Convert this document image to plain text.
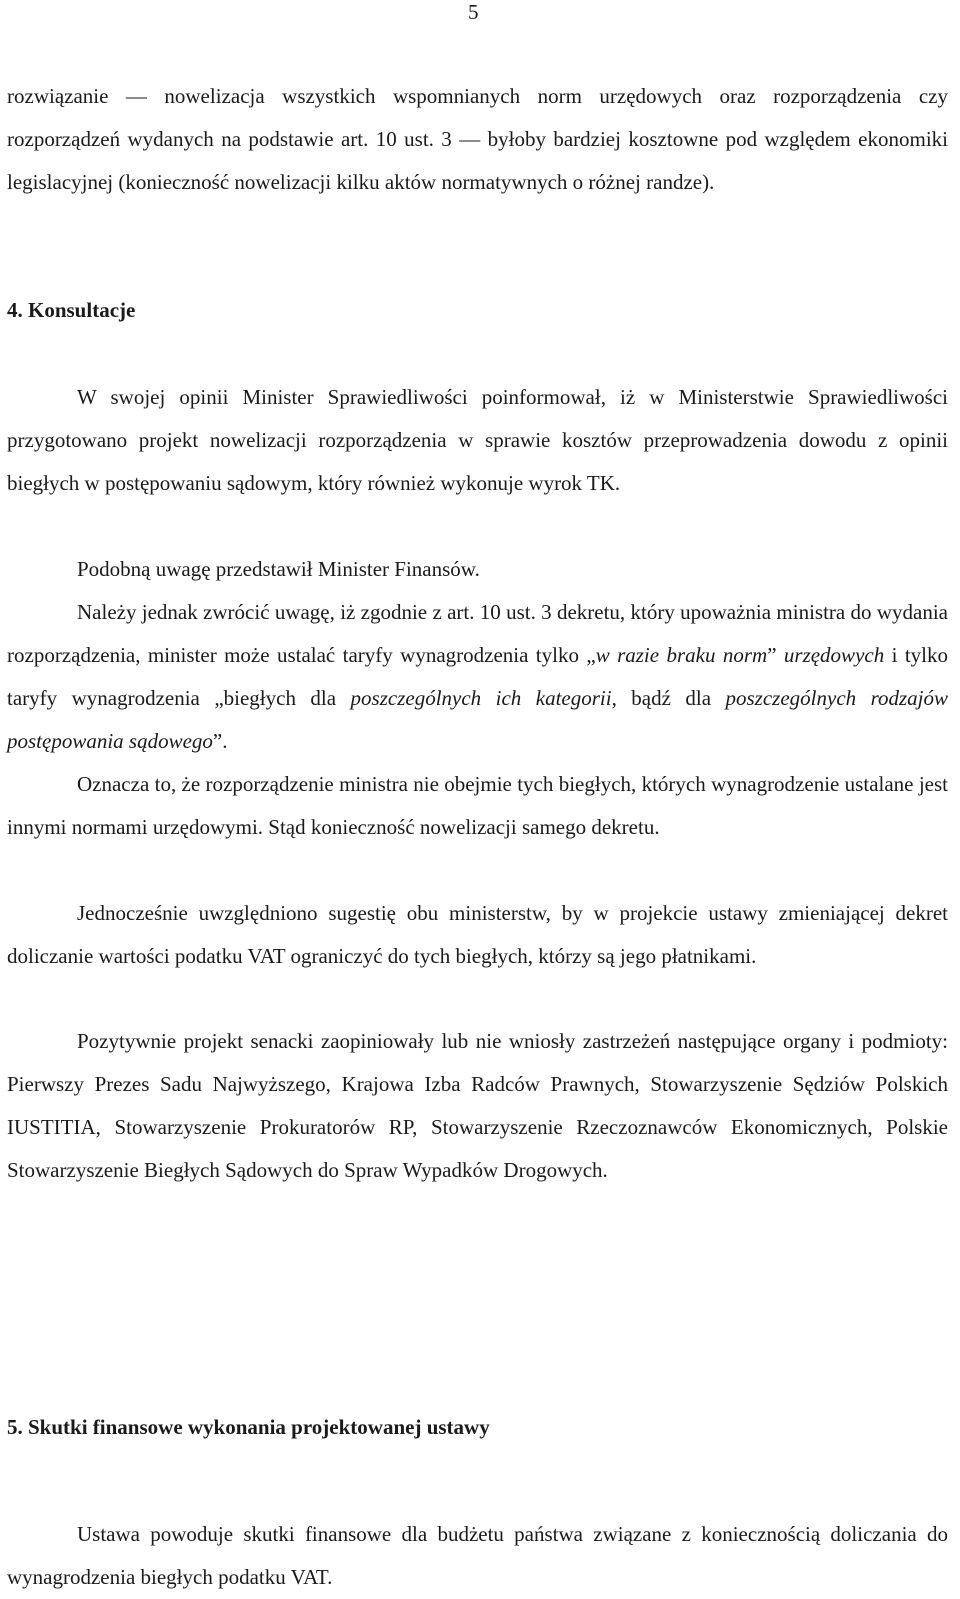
5

rozwiązanie — nowelizacja wszystkich wspomnianych norm urzędowych oraz rozporządzenia czy rozporządzeń wydanych na podstawie art. 10 ust. 3 — byłoby bardziej kosztowne pod względem ekonomiki legislacyjnej (konieczność nowelizacji kilku aktów normatywnych o różnej randze).

4. Konsultacje

W swojej opinii Minister Sprawiedliwości poinformował, iż w Ministerstwie Sprawiedliwości przygotowano projekt nowelizacji rozporządzenia w sprawie kosztów przeprowadzenia dowodu z opinii biegłych w postępowaniu sądowym, który również wykonuje wyrok TK.

Podobną uwagę przedstawił Minister Finansów.

Należy jednak zwrócić uwagę, iż zgodnie z art. 10 ust. 3 dekretu, który upoważnia ministra do wydania rozporządzenia, minister może ustalać taryfy wynagrodzenia tylko „w razie braku norm” urzędowych i tylko taryfy wynagrodzenia „biegłych dla poszczególnych ich kategorii, bądź dla poszczególnych rodzajów postępowania sądowego”.

Oznacza to, że rozporządzenie ministra nie obejmie tych biegłych, których wynagrodzenie ustalane jest innymi normami urzędowymi. Stąd konieczność nowelizacji samego dekretu.

Jednocześnie uwzględniono sugestię obu ministerstw, by w projekcie ustawy zmieniającej dekret doliczanie wartości podatku VAT ograniczyć do tych biegłych, którzy są jego płatnikami.

Pozytywnie projekt senacki zaopiniowały lub nie wniosły zastrzeżeń następujące organy i podmioty: Pierwszy Prezes Sadu Najwyższego, Krajowa Izba Radców Prawnych, Stowarzyszenie Sędziów Polskich IUSTITIA, Stowarzyszenie Prokuratorów RP, Stowarzyszenie Rzeczoznawców Ekonomicznych, Polskie Stowarzyszenie Biegłych Sądowych do Spraw Wypadków Drogowych.

5. Skutki finansowe wykonania projektowanej ustawy

Ustawa powoduje skutki finansowe dla budżetu państwa związane z koniecznością doliczania do wynagrodzenia biegłych podatku VAT.
